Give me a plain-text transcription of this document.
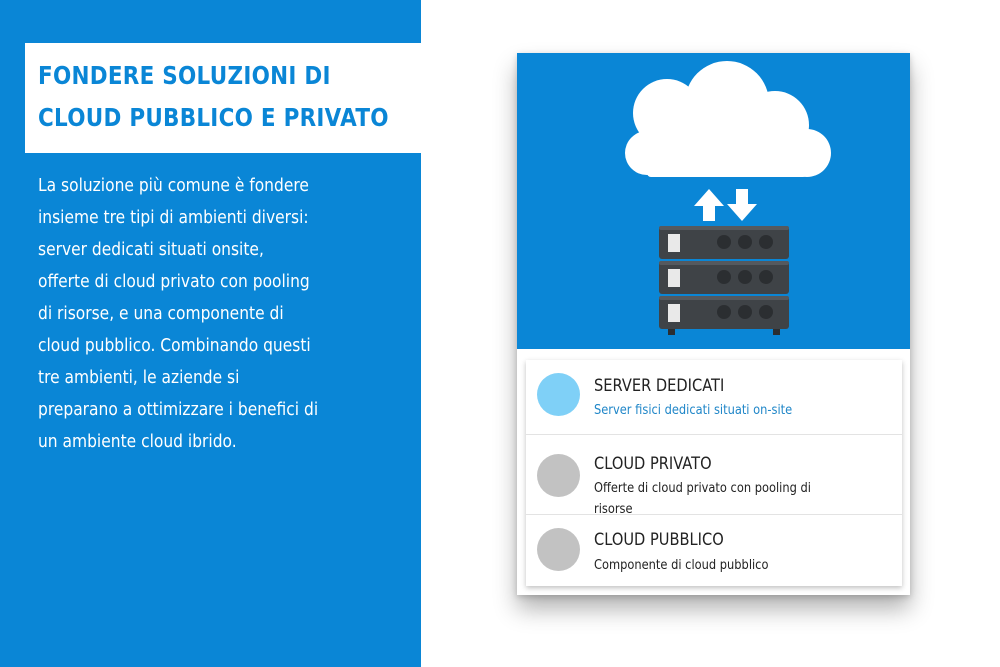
FONDERE SOLUZIONI DI
CLOUD PUBBLICO E PRIVATO
La soluzione più comune è fondere
insieme tre tipi di ambienti diversi:
server dedicati situati onsite,
offerte di cloud privato con pooling
di risorse, e una componente di
cloud pubblico. Combinando questi
tre ambienti, le aziende si
preparano a ottimizzare i benefici di
un ambiente cloud ibrido.
SERVER DEDICATI
Server fisici dedicati situati on-site
CLOUD PRIVATO
Offerte di cloud privato con pooling di
risorse
CLOUD PUBBLICO
Componente di cloud pubblico
